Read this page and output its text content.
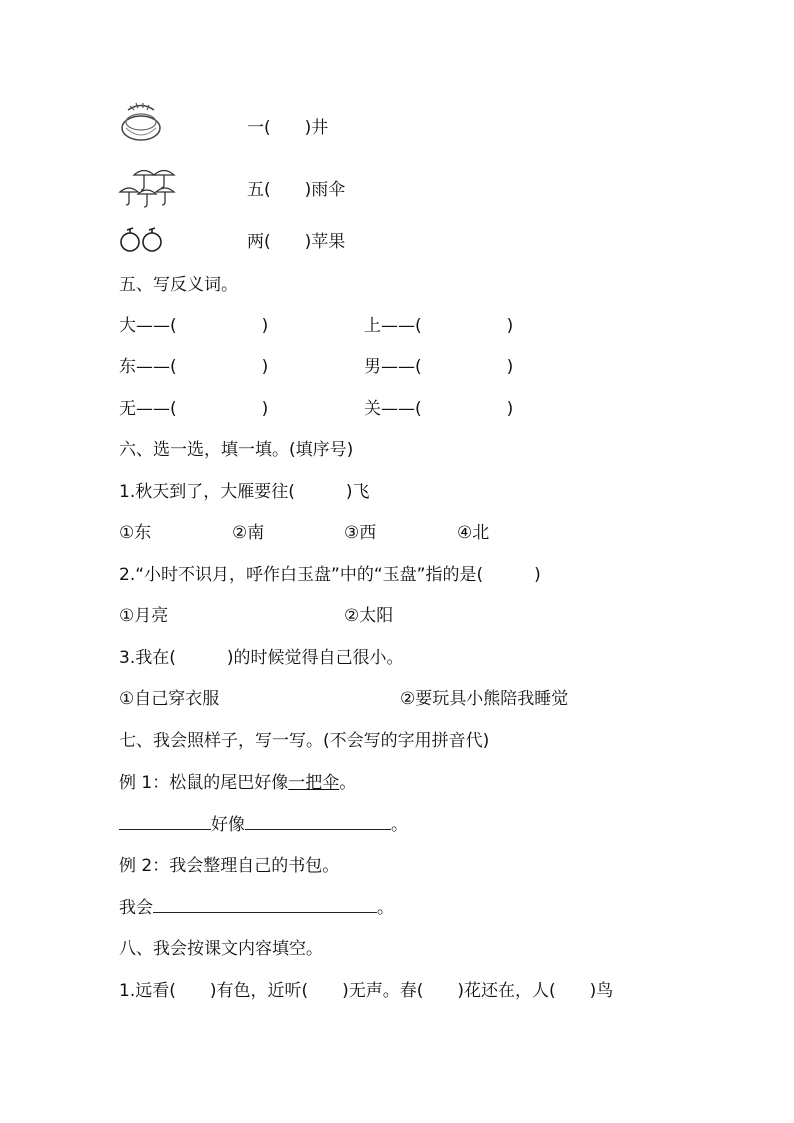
一(　　)井
五(　　)雨伞
两(　　)苹果
五、写反义词。
大——(　　　　　)	上——(　　　　　)
东——(　　　　　)	男——(　　　　　)
无——(　　　　　)	关——(　　　　　)
六、选一选，填一填。(填序号)
1.秋天到了，大雁要往(　　　)飞
①东	②南	③西	④北
2.“小时不识月，呼作白玉盘”中的“玉盘”指的是(　　　)
①月亮	②太阳
3.我在(　　　)的时候觉得自己很小。
①自己穿衣服	②要玩具小熊陪我睡觉
七、我会照样子，写一写。(不会写的字用拼音代)
例 1：松鼠的尾巴好像一把伞。
好像	。
例 2：我会整理自己的书包。
我会	。
八、我会按课文内容填空。
1.远看(　　)有色，近听(　　)无声。春(　　)花还在，人(　　)鸟
